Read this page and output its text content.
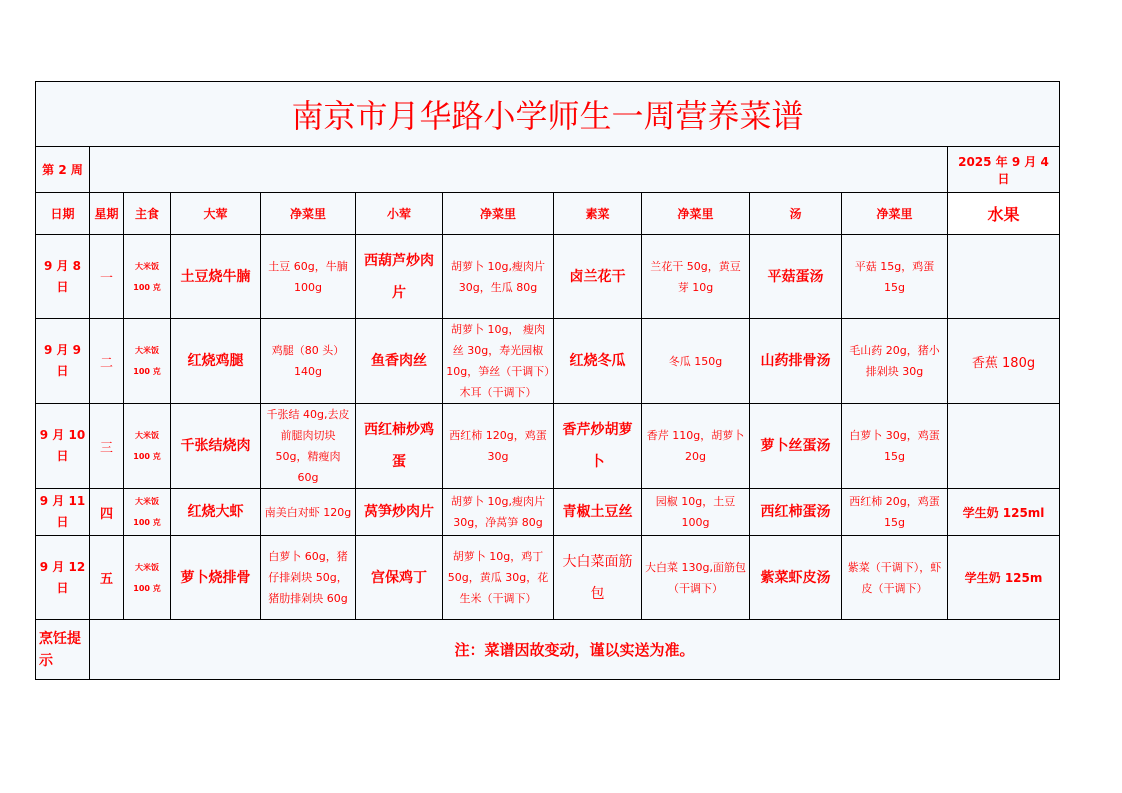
南京市月华路小学师生一周营养菜谱											
第 2 周											2025 年 9 月 4 日
日期	星期	主食	大荤	净菜里	小荤	净菜里	素菜	净菜里	汤	净菜里	水果
9 月 8 日	一	大米饭 100 克	土豆烧牛腩	土豆 60g，牛腩 100g	西葫芦炒肉片	胡萝卜 10g,瘦肉片 30g，生瓜 80g	卤兰花干	兰花干 50g，黄豆芽 10g	平菇蛋汤	平菇 15g，鸡蛋 15g	
9 月 9 日	二	大米饭 100 克	红烧鸡腿	鸡腿（80 头）140g	鱼香肉丝	胡萝卜 10g， 瘦肉丝 30g，寿光园椒 10g，笋丝（干调下）木耳（干调下）	红烧冬瓜	冬瓜 150g	山药排骨汤	毛山药 20g，猪小排剁块 30g	香蕉 180g
9 月 10 日	三	大米饭 100 克	千张结烧肉	千张结 40g,去皮前腿肉切块 50g，精瘦肉 60g	西红柿炒鸡蛋	西红柿 120g，鸡蛋 30g	香芹炒胡萝卜	香芹 110g，胡萝卜 20g	萝卜丝蛋汤	白萝卜 30g，鸡蛋 15g	
9 月 11 日	四	大米饭 100 克	红烧大虾	南美白对虾 120g	莴笋炒肉片	胡萝卜 10g,瘦肉片 30g，净莴笋 80g	青椒土豆丝	园椒 10g，土豆 100g	西红柿蛋汤	西红柿 20g，鸡蛋 15g	学生奶 125ml
9 月 12 日	五	大米饭 100 克	萝卜烧排骨	白萝卜 60g，猪仔排剁块 50g，猪肋排剁块 60g	宫保鸡丁	胡萝卜 10g，鸡丁 50g，黄瓜 30g，花生米（干调下）	大白菜面筋包	大白菜 130g,面筋包（干调下）	紫菜虾皮汤	紫菜（干调下），虾皮（干调下）	学生奶 125m
烹饪提示	注：菜谱因故变动，谨以实送为准。										
